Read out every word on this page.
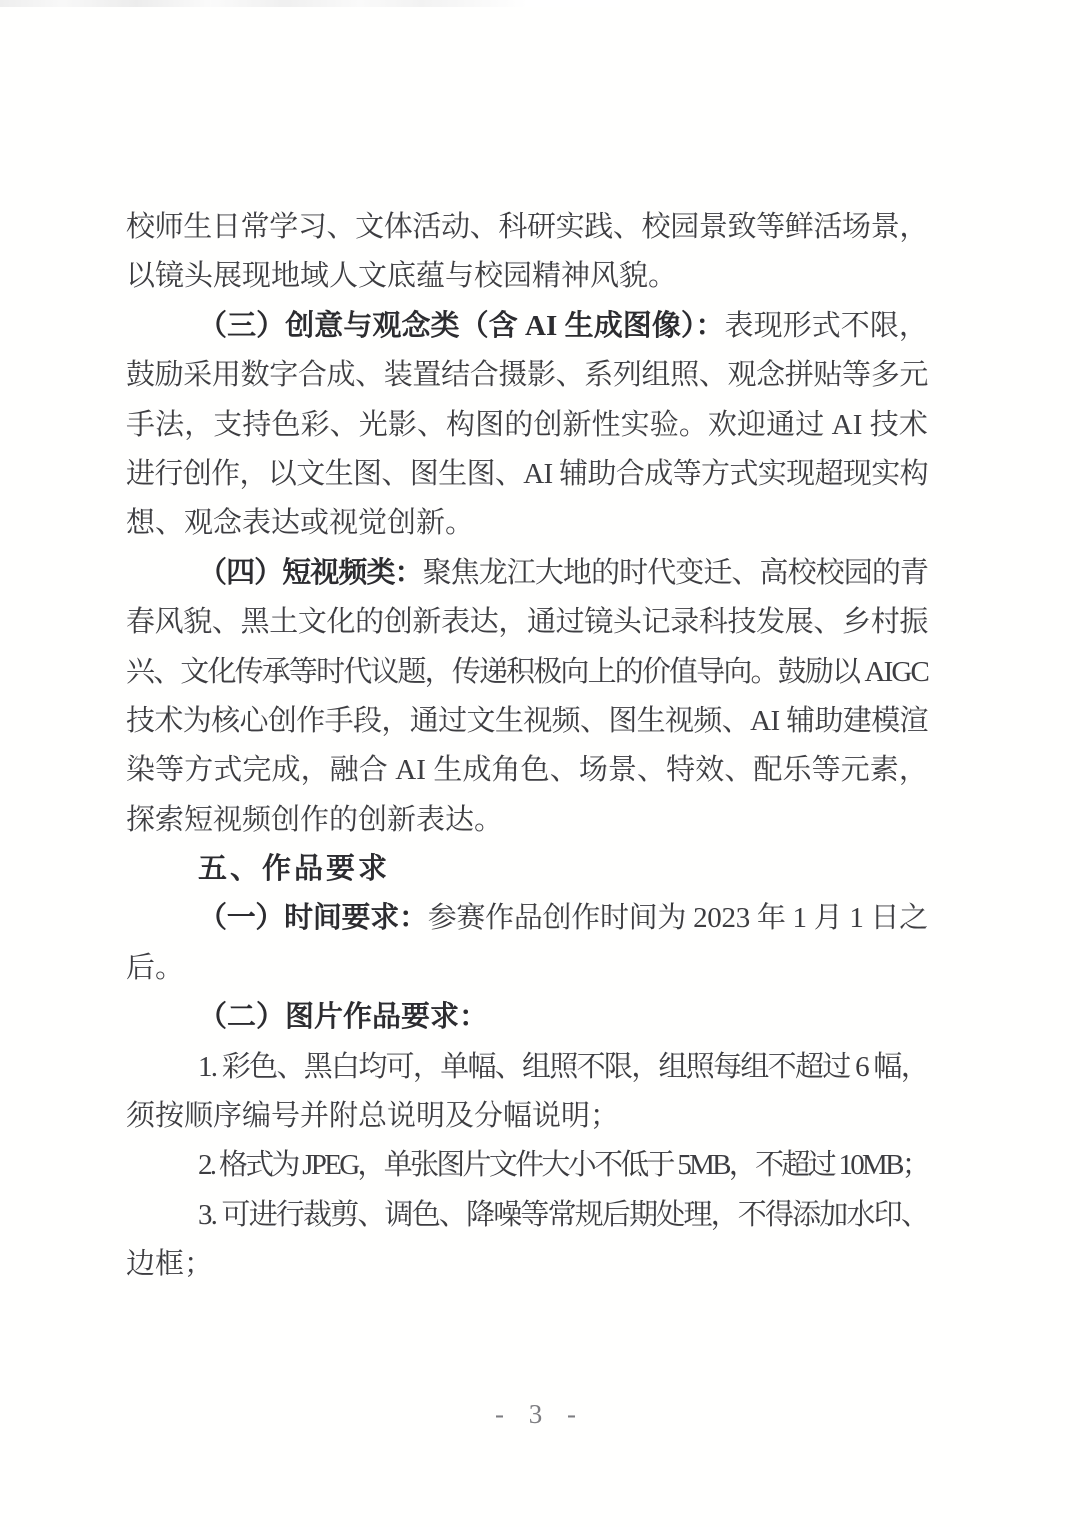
校师生日常学习、文体活动、科研实践、校园景致等鲜活场景，
以镜头展现地域人文底蕴与校园精神风貌。
（三）创意与观念类（含 AI 生成图像）：表现形式不限，
鼓励采用数字合成、装置结合摄影、系列组照、观念拼贴等多元
手法，支持色彩、光影、构图的创新性实验。欢迎通过 AI 技术
进行创作，以文生图、图生图、AI 辅助合成等方式实现超现实构
想、观念表达或视觉创新。
（四）短视频类：聚焦龙江大地的时代变迁、高校校园的青
春风貌、黑土文化的创新表达，通过镜头记录科技发展、乡村振
兴、文化传承等时代议题，传递积极向上的价值导向。鼓励以 AIGC
技术为核心创作手段，通过文生视频、图生视频、AI 辅助建模渲
染等方式完成，融合 AI 生成角色、场景、特效、配乐等元素，
探索短视频创作的创新表达。
五、作品要求
（一）时间要求：参赛作品创作时间为 2023 年 1 月 1 日之
后。
（二）图片作品要求：
1. 彩色、黑白均可，单幅、组照不限，组照每组不超过 6 幅，
须按顺序编号并附总说明及分幅说明；
2. 格式为 JPEG，单张图片文件大小不低于 5MB，不超过 10MB；
3. 可进行裁剪、调色、降噪等常规后期处理，不得添加水印、
边框；
- 3 -
